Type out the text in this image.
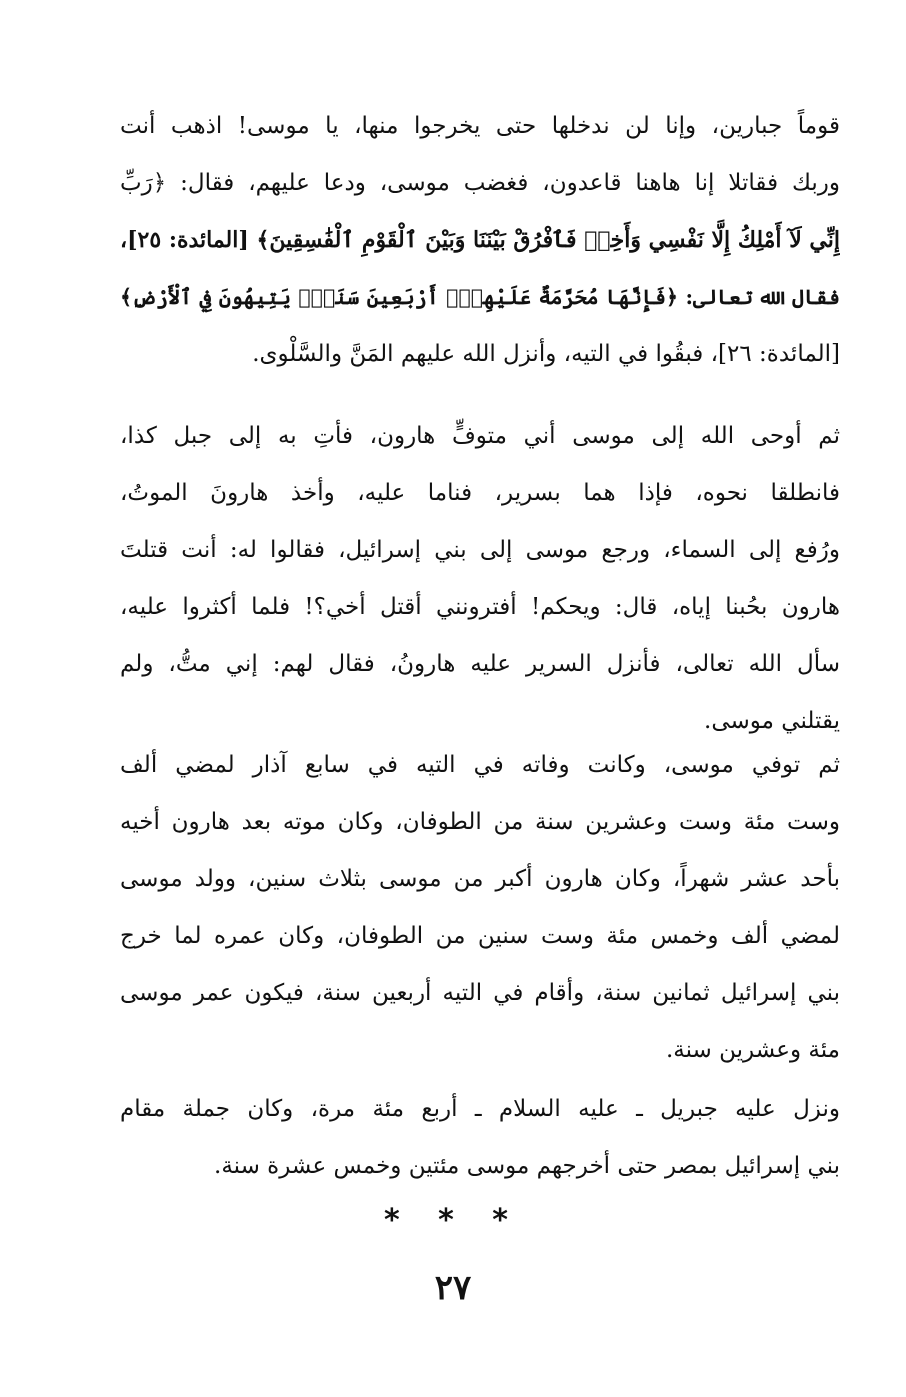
قوماً جبارين، وإنا لن ندخلها حتى يخرجوا منها، يا موسى! اذهب أنت
وربك فقاتلا إنا هاهنا قاعدون، فغضب موسى، ودعا عليهم، فقال: ﴿رَبِّ
إِنِّي لَآ أَمْلِكُ إِلَّا نَفْسِي وَأَخِيۖ فَٱفْرُقْ بَيْنَنَا وَبَيْنَ ٱلْقَوْمِ ٱلْفَٰسِقِينَ﴾ [المائدة: ٢٥]،
فقال الله تعالى: ﴿فَإِنَّهَا مُحَرَّمَةٌ عَلَيْهِمْۛ أَرْبَعِينَ سَنَةًۛ يَتِيهُونَ فِي ٱلْأَرْضِ﴾
[المائدة: ٢٦]، فبقُوا في التيه، وأنزل الله عليهم المَنَّ والسَّلْوى.
ثم أوحى الله إلى موسى أني متوفٍّ هارون، فأتِ به إلى جبل كذا،
فانطلقا نحوه، فإذا هما بسرير، فناما عليه، وأخذ هارونَ الموتُ،
ورُفع إلى السماء، ورجع موسى إلى بني إسرائيل، فقالوا له: أنت قتلتَ
هارون بحُبنا إياه، قال: ويحكم! أفترونني أقتل أخي؟! فلما أكثروا عليه،
سأل الله تعالى، فأنزل السرير عليه هارونُ، فقال لهم: إني متُّ، ولم
يقتلني موسى.
ثم توفي موسى، وكانت وفاته في التيه في سابع آذار لمضي ألف
وست مئة وست وعشرين سنة من الطوفان، وكان موته بعد هارون أخيه
بأحد عشر شهراً، وكان هارون أكبر من موسى بثلاث سنين، وولد موسى
لمضي ألف وخمس مئة وست سنين من الطوفان، وكان عمره لما خرج
بني إسرائيل ثمانين سنة، وأقام في التيه أربعين سنة، فيكون عمر موسى
مئة وعشرين سنة.
ونزل عليه جبريل ـ عليه السلام ـ أربع مئة مرة، وكان جملة مقام
بني إسرائيل بمصر حتى أخرجهم موسى مئتين وخمس عشرة سنة.
* * *
٢٧
